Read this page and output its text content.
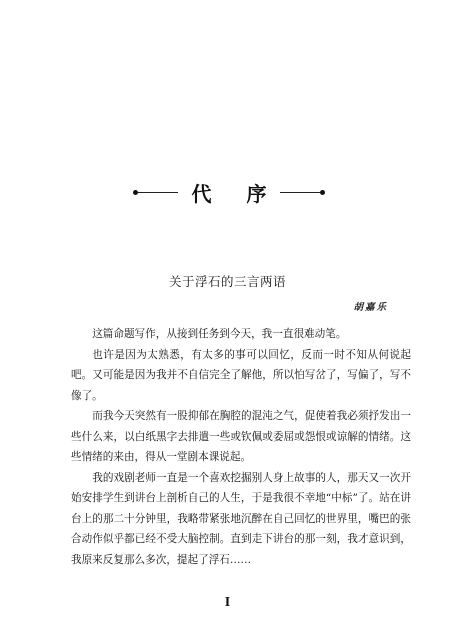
代 序
关于浮石的三言两语
胡嘉乐

这篇命题写作，从接到任务到今天，我一直很难动笔。

也许是因为太熟悉，有太多的事可以回忆，反而一时不知从何说起吧。又可能是因为我并不自信完全了解他，所以怕写岔了，写偏了，写不像了。

而我今天突然有一股抑郁在胸腔的混沌之气，促使着我必须抒发出一些什么来，以白纸黑字去排遣一些或钦佩或委屈或怨恨或谅解的情绪。这些情绪的来由，得从一堂剧本课说起。

我的戏剧老师一直是一个喜欢挖掘别人身上故事的人，那天又一次开始安排学生到讲台上剖析自己的人生，于是我很不幸地“中标”了。站在讲台上的那二十分钟里，我略带紧张地沉醉在自己回忆的世界里，嘴巴的张合动作似乎都已经不受大脑控制。直到走下讲台的那一刻，我才意识到，我原来反复那么多次，提起了浮石……

I
